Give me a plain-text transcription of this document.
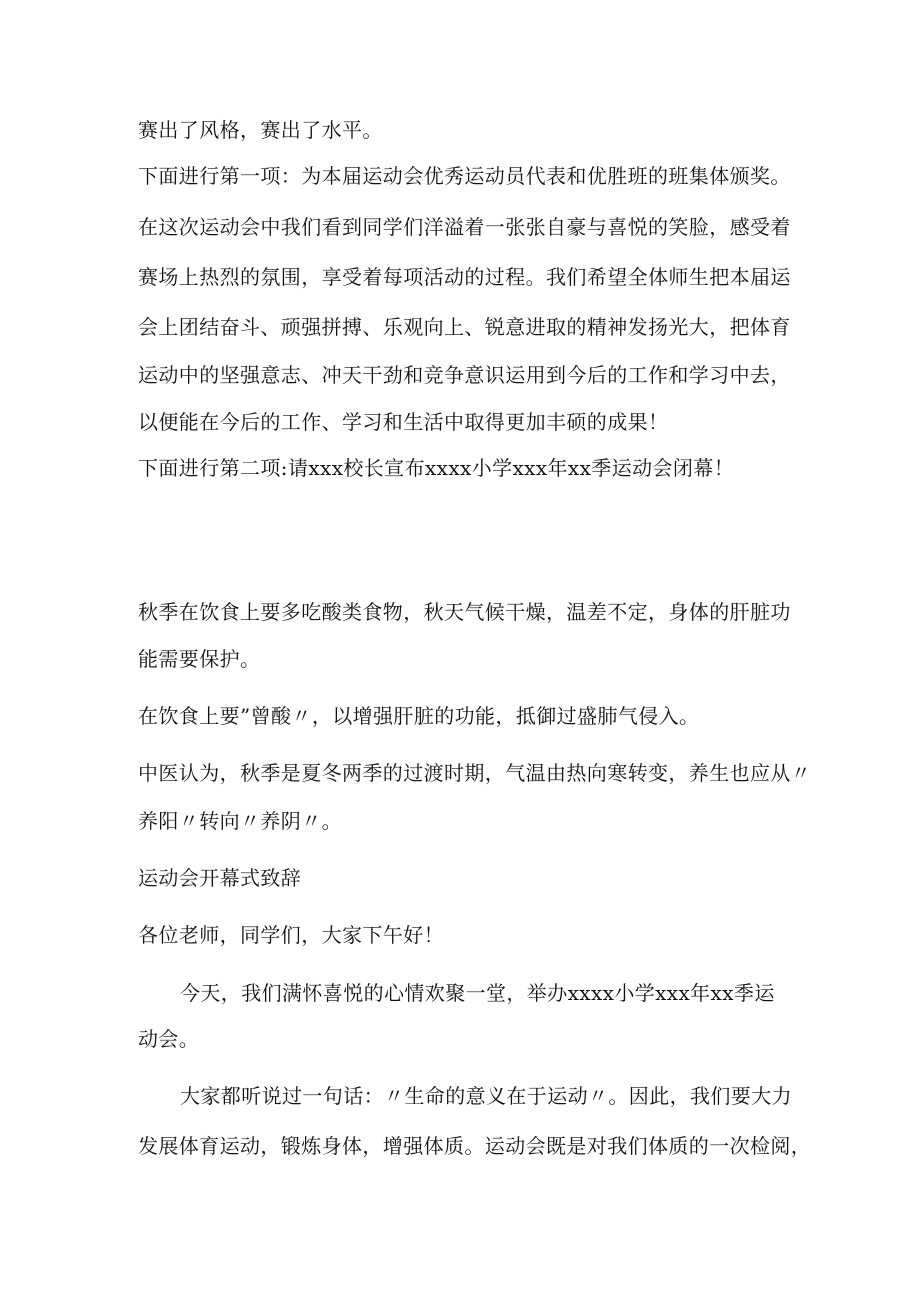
赛出了风格，赛出了水平。
下面进行第一项：为本届运动会优秀运动员代表和优胜班的班集体颁奖。
在这次运动会中我们看到同学们洋溢着一张张自豪与喜悦的笑脸，感受着
赛场上热烈的氛围，享受着每项活动的过程。我们希望全体师生把本届运
会上团结奋斗、顽强拼搏、乐观向上、锐意进取的精神发扬光大，把体育
运动中的坚强意志、冲天干劲和竞争意识运用到今后的工作和学习中去，
以便能在今后的工作、学习和生活中取得更加丰硕的成果！
下面进行第二项:请xxx校长宣布xxxx小学xxx年xx季运动会闭幕！
秋季在饮食上要多吃酸类食物，秋天气候干燥，温差不定，身体的肝脏功
能需要保护。
在饮食上要”曾酸〃，以增强肝脏的功能，抵御过盛肺气侵入。
中医认为，秋季是夏冬两季的过渡时期，气温由热向寒转变，养生也应从〃
养阳〃转向〃养阴〃。
运动会开幕式致辞
各位老师，同学们，大家下午好！
今天，我们满怀喜悦的心情欢聚一堂，举办xxxx小学xxx年xx季运
动会。
大家都听说过一句话：〃生命的意义在于运动〃。因此，我们要大力
发展体育运动，锻炼身体，增强体质。运动会既是对我们体质的一次检阅，
